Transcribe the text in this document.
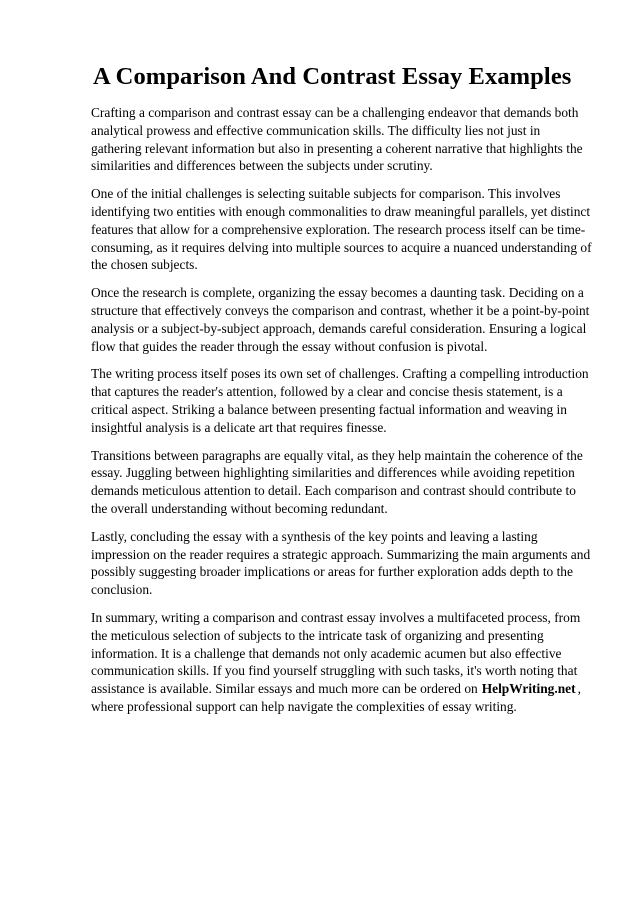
A Comparison And Contrast Essay Examples

Crafting a comparison and contrast essay can be a challenging endeavor that demands both analytical prowess and effective communication skills. The difficulty lies not just in gathering relevant information but also in presenting a coherent narrative that highlights the similarities and differences between the subjects under scrutiny.

One of the initial challenges is selecting suitable subjects for comparison. This involves identifying two entities with enough commonalities to draw meaningful parallels, yet distinct features that allow for a comprehensive exploration. The research process itself can be time-consuming, as it requires delving into multiple sources to acquire a nuanced understanding of the chosen subjects.

Once the research is complete, organizing the essay becomes a daunting task. Deciding on a structure that effectively conveys the comparison and contrast, whether it be a point-by-point analysis or a subject-by-subject approach, demands careful consideration. Ensuring a logical flow that guides the reader through the essay without confusion is pivotal.

The writing process itself poses its own set of challenges. Crafting a compelling introduction that captures the reader's attention, followed by a clear and concise thesis statement, is a critical aspect. Striking a balance between presenting factual information and weaving in insightful analysis is a delicate art that requires finesse.

Transitions between paragraphs are equally vital, as they help maintain the coherence of the essay. Juggling between highlighting similarities and differences while avoiding repetition demands meticulous attention to detail. Each comparison and contrast should contribute to the overall understanding without becoming redundant.

Lastly, concluding the essay with a synthesis of the key points and leaving a lasting impression on the reader requires a strategic approach. Summarizing the main arguments and possibly suggesting broader implications or areas for further exploration adds depth to the conclusion.

In summary, writing a comparison and contrast essay involves a multifaceted process, from the meticulous selection of subjects to the intricate task of organizing and presenting information. It is a challenge that demands not only academic acumen but also effective communication skills. If you find yourself struggling with such tasks, it's worth noting that assistance is available. Similar essays and much more can be ordered on HelpWriting.net , where professional support can help navigate the complexities of essay writing.
